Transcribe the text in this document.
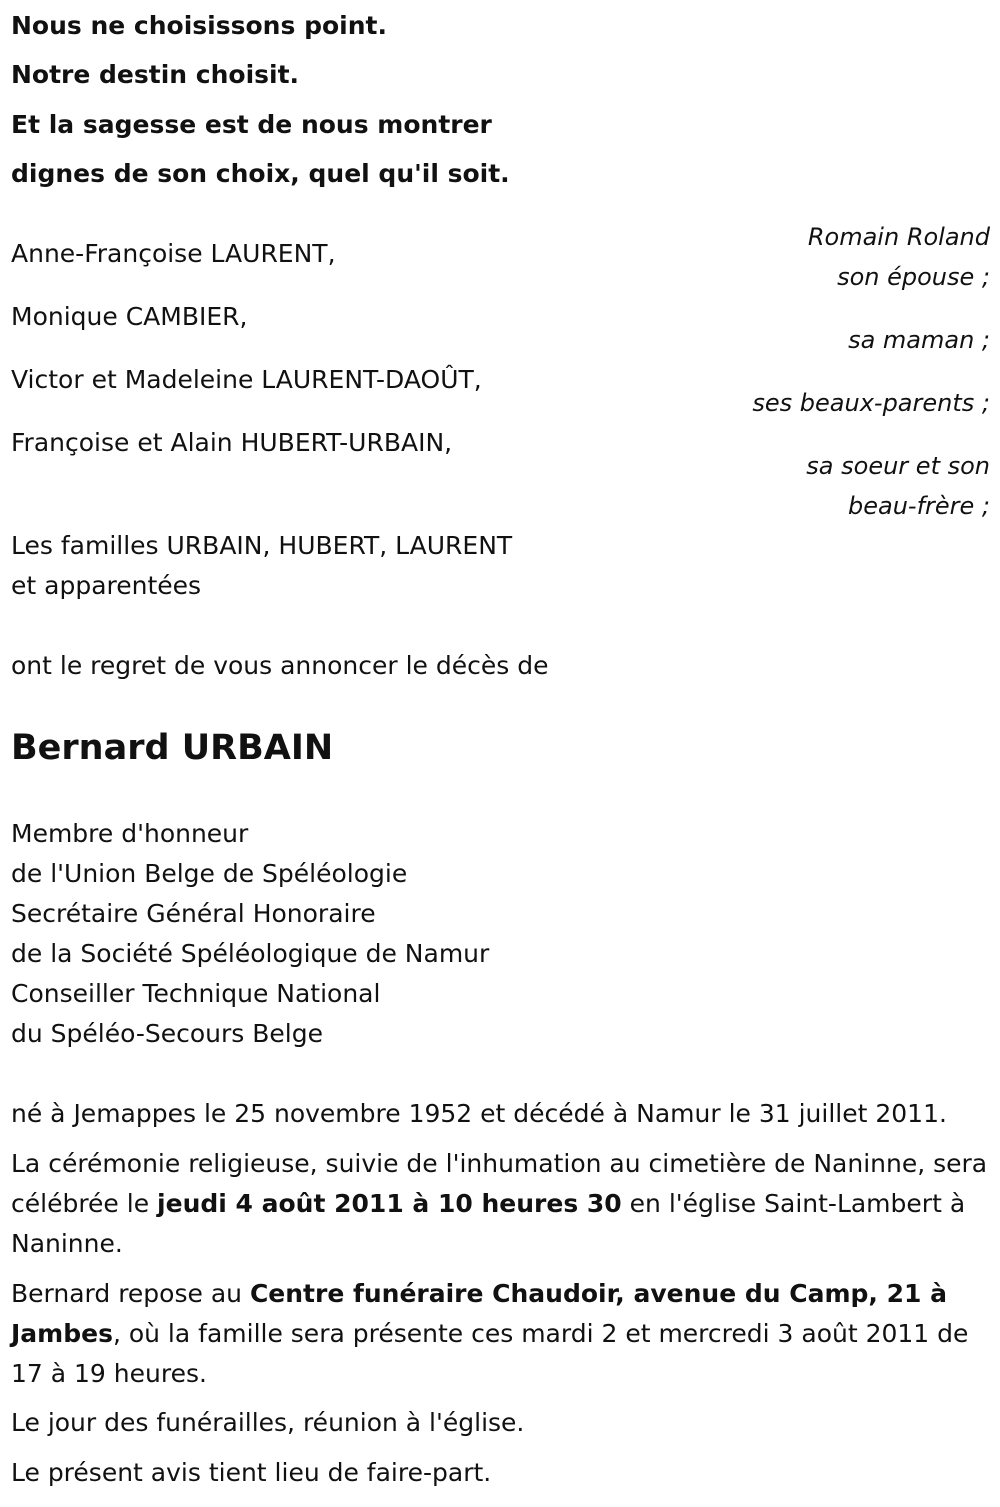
Nous ne choisissons point.

Notre destin choisit.

Et la sagesse est de nous montrer

dignes de son choix, quel qu'il soit.

Romain Roland

Anne-Françoise LAURENT,

son épouse ;

Monique CAMBIER,

sa maman ;

Victor et Madeleine LAURENT-DAOÛT,

ses beaux-parents ;

Françoise et Alain HUBERT-URBAIN,

sa soeur et son

beau-frère ;

Les familles URBAIN, HUBERT, LAURENT

et apparentées

ont le regret de vous annoncer le décès de

Bernard URBAIN

Membre d'honneur

de l'Union Belge de Spéléologie

Secrétaire Général Honoraire

de la Société Spéléologique de Namur

Conseiller Technique National

du Spéléo-Secours Belge

né à Jemappes le 25 novembre 1952 et décédé à Namur le 31 juillet 2011.

La cérémonie religieuse, suivie de l'inhumation au cimetière de Naninne, sera célébrée le jeudi 4 août 2011 à 10 heures 30 en l'église Saint-Lambert à Naninne.

Bernard repose au Centre funéraire Chaudoir, avenue du Camp, 21 à Jambes, où la famille sera présente ces mardi 2 et mercredi 3 août 2011 de 17 à 19 heures.

Le jour des funérailles, réunion à l'église.

Le présent avis tient lieu de faire-part.
